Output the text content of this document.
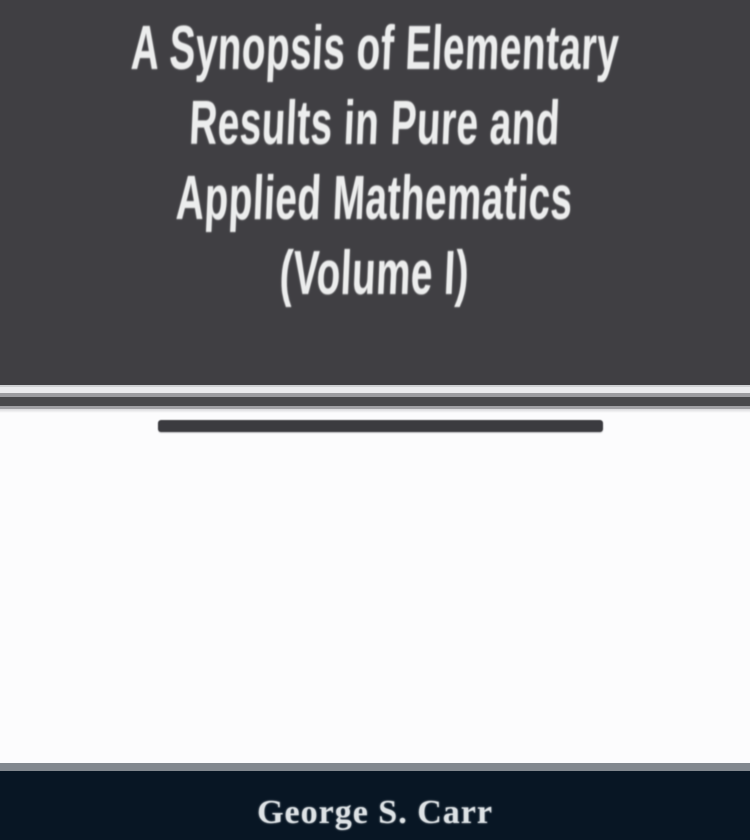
A Synopsis of Elementary
Results in Pure and
Applied Mathematics
(Volume I)
George S. Carr
